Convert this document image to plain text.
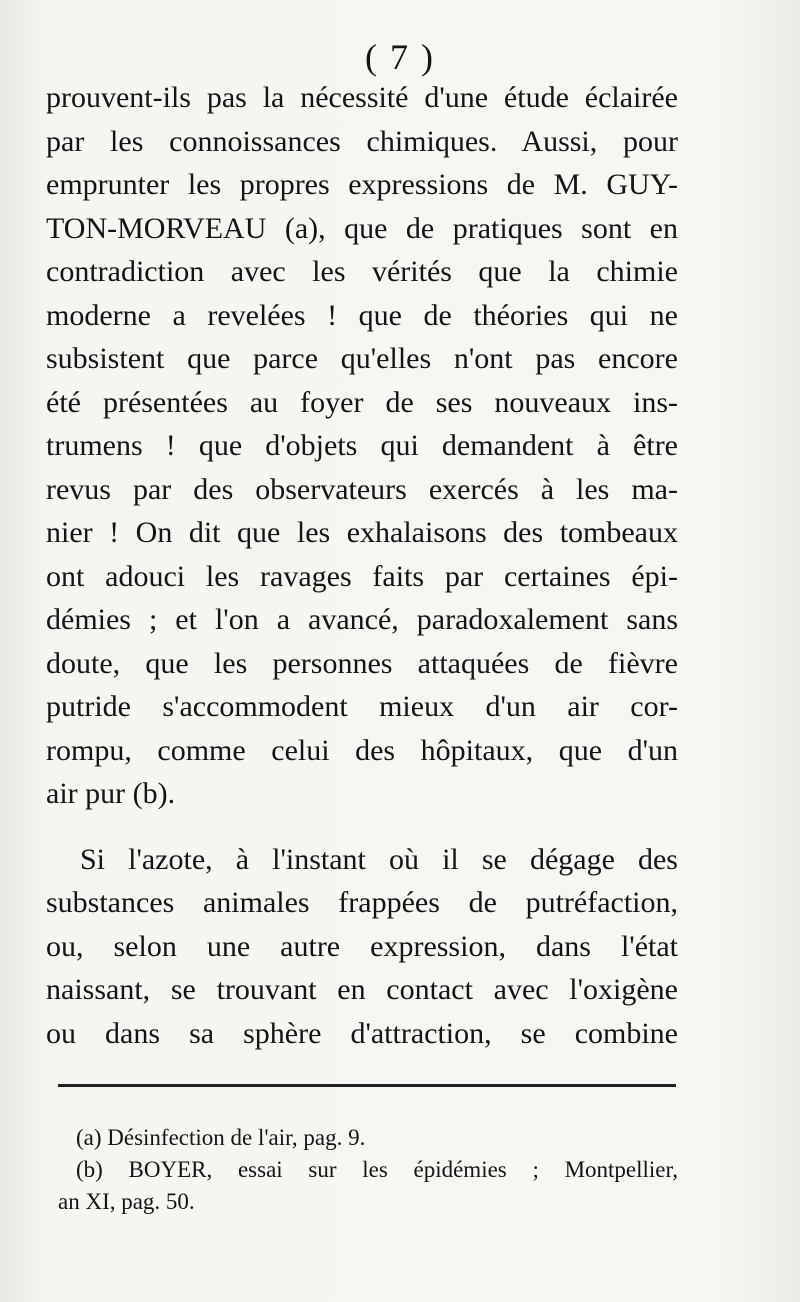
( 7 )
prouvent-ils pas la nécessité d'une étude éclairée
par les connoissances chimiques. Aussi, pour
emprunter les propres expressions de M. GUY-
TON-MORVEAU (a), que de pratiques sont en
contradiction avec les vérités que la chimie
moderne a revelées ! que de théories qui ne
subsistent que parce qu'elles n'ont pas encore
été présentées au foyer de ses nouveaux ins-
trumens ! que d'objets qui demandent à être
revus par des observateurs exercés à les ma-
nier ! On dit que les exhalaisons des tombeaux
ont adouci les ravages faits par certaines épi-
démies ; et l'on a avancé, paradoxalement sans
doute, que les personnes attaquées de fièvre
putride s'accommodent mieux d'un air cor-
rompu, comme celui des hôpitaux, que d'un
air pur (b).
Si l'azote, à l'instant où il se dégage des
substances animales frappées de putréfaction,
ou, selon une autre expression, dans l'état
naissant, se trouvant en contact avec l'oxigène
ou dans sa sphère d'attraction, se combine
(a) Désinfection de l'air, pag. 9.
(b) BOYER, essai sur les épidémies ; Montpellier,
an XI, pag. 50.
